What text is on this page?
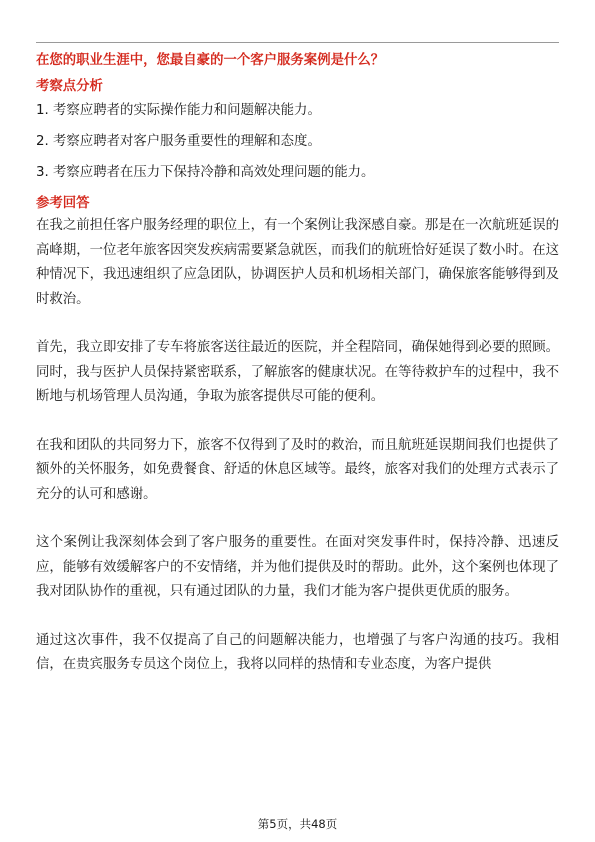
在您的职业生涯中，您最自豪的一个客户服务案例是什么？

考察点分析

1. 考察应聘者的实际操作能力和问题解决能力。
2. 考察应聘者对客户服务重要性的理解和态度。
3. 考察应聘者在压力下保持冷静和高效处理问题的能力。

参考回答

在我之前担任客户服务经理的职位上，有一个案例让我深感自豪。那是在一次航班延误的高峰期，一位老年旅客因突发疾病需要紧急就医，而我们的航班恰好延误了数小时。在这种情况下，我迅速组织了应急团队，协调医护人员和机场相关部门，确保旅客能够得到及时救治。

首先，我立即安排了专车将旅客送往最近的医院，并全程陪同，确保她得到必要的照顾。同时，我与医护人员保持紧密联系，了解旅客的健康状况。在等待救护车的过程中，我不断地与机场管理人员沟通，争取为旅客提供尽可能的便利。

在我和团队的共同努力下，旅客不仅得到了及时的救治，而且航班延误期间我们也提供了额外的关怀服务，如免费餐食、舒适的休息区域等。最终，旅客对我们的处理方式表示了充分的认可和感谢。

这个案例让我深刻体会到了客户服务的重要性。在面对突发事件时，保持冷静、迅速反应，能够有效缓解客户的不安情绪，并为他们提供及时的帮助。此外，这个案例也体现了我对团队协作的重视，只有通过团队的力量，我们才能为客户提供更优质的服务。

通过这次事件，我不仅提高了自己的问题解决能力，也增强了与客户沟通的技巧。我相信，在贵宾服务专员这个岗位上，我将以同样的热情和专业态度，为客户提供

第5页，共48页
